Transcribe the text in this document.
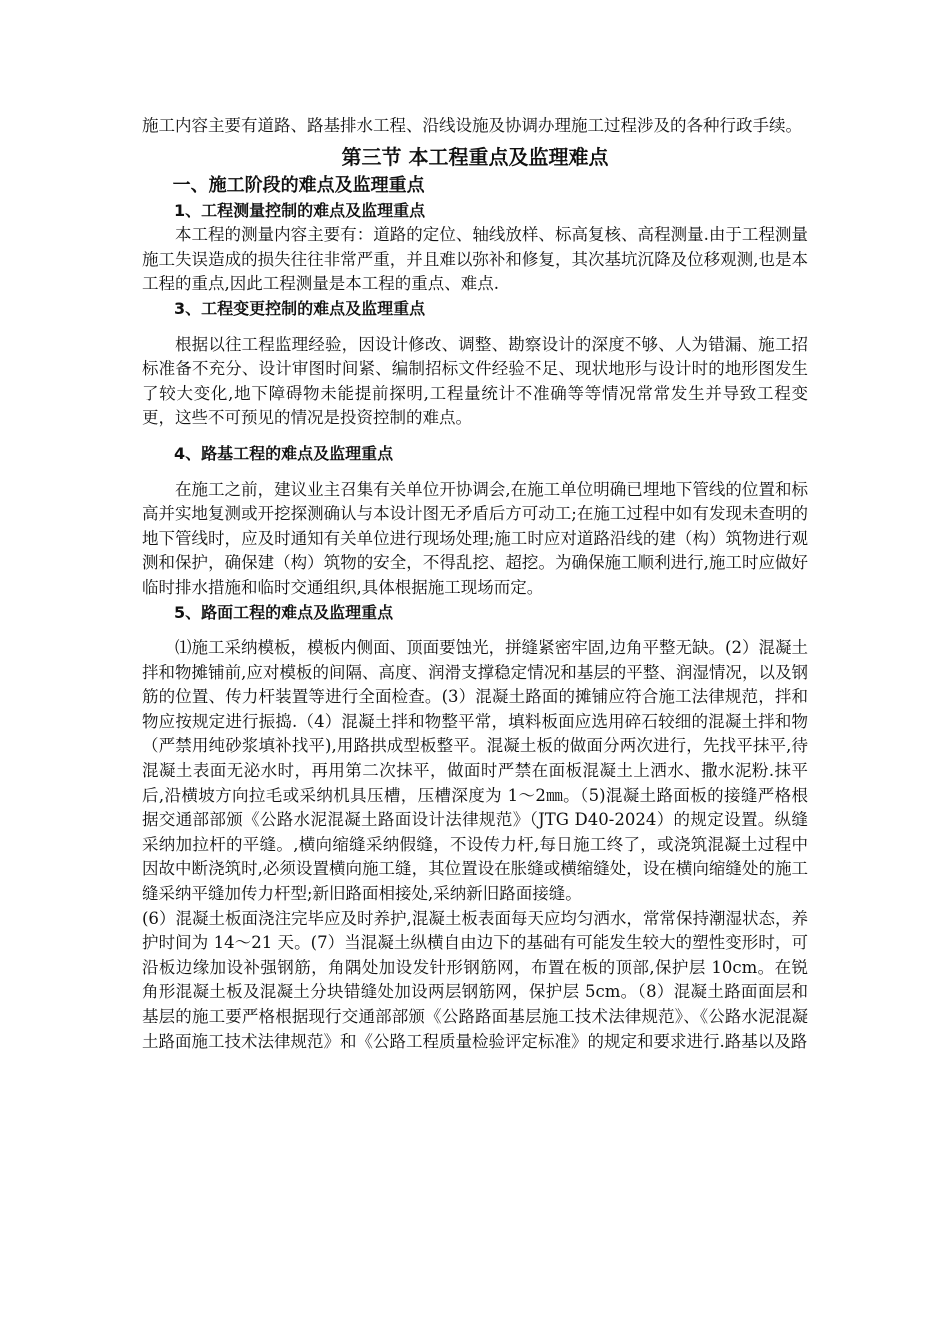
施工内容主要有道路、路基排水工程、沿线设施及协调办理施工过程涉及的各种行政手续。

第三节 本工程重点及监理难点
一、施工阶段的难点及监理重点
1、工程测量控制的难点及监理重点

本工程的测量内容主要有：道路的定位、轴线放样、标高复核、高程测量.由于工程测量施工失误造成的损失往往非常严重，并且难以弥补和修复，其次基坑沉降及位移观测,也是本工程的重点,因此工程测量是本工程的重点、难点.

3、工程变更控制的难点及监理重点

根据以往工程监理经验，因设计修改、调整、勘察设计的深度不够、人为错漏、施工招标准备不充分、设计审图时间紧、编制招标文件经验不足、现状地形与设计时的地形图发生了较大变化,地下障碍物未能提前探明,工程量统计不准确等等情况常常发生并导致工程变更，这些不可预见的情况是投资控制的难点。

4、路基工程的难点及监理重点

在施工之前，建议业主召集有关单位开协调会,在施工单位明确已埋地下管线的位置和标高并实地复测或开挖探测确认与本设计图无矛盾后方可动工;在施工过程中如有发现未查明的地下管线时，应及时通知有关单位进行现场处理;施工时应对道路沿线的建（构）筑物进行观测和保护，确保建（构）筑物的安全，不得乱挖、超挖。为确保施工顺利进行,施工时应做好临时排水措施和临时交通组织,具体根据施工现场而定。

5、路面工程的难点及监理重点

⑴施工采纳模板，模板内侧面、顶面要蚀光，拼缝紧密牢固,边角平整无缺。(2）混凝土拌和物摊铺前,应对模板的间隔、高度、润滑支撑稳定情况和基层的平整、润湿情况，以及钢筋的位置、传力杆装置等进行全面检查。(3）混凝土路面的摊铺应符合施工法律规范，拌和物应按规定进行振捣.（4）混凝土拌和物整平常，填料板面应选用碎石较细的混凝土拌和物（严禁用纯砂浆填补找平),用路拱成型板整平。混凝土板的做面分两次进行，先找平抹平,待混凝土表面无泌水时，再用第二次抹平，做面时严禁在面板混凝土上洒水、撒水泥粉.抹平后,沿横坡方向拉毛或采纳机具压槽，压槽深度为 1～2㎜。（5)混凝土路面板的接缝严格根据交通部部颁《公路水泥混凝土路面设计法律规范》（JTG D40-2024）的规定设置。纵缝采纳加拉杆的平缝。,横向缩缝采纳假缝，不设传力杆,每日施工终了，或浇筑混凝土过程中因故中断浇筑时,必须设置横向施工缝，其位置设在胀缝或横缩缝处，设在横向缩缝处的施工缝采纳平缝加传力杆型;新旧路面相接处,采纳新旧路面接缝。

(6）混凝土板面浇注完毕应及时养护,混凝土板表面每天应均匀洒水，常常保持潮湿状态，养护时间为 14～21 天。(7）当混凝土纵横自由边下的基础有可能发生较大的塑性变形时，可沿板边缘加设补强钢筋，角隅处加设发针形钢筋网，布置在板的顶部,保护层 10cm。在锐角形混凝土板及混凝土分块错缝处加设两层钢筋网，保护层 5cm。（8）混凝土路面面层和基层的施工要严格根据现行交通部部颁《公路路面基层施工技术法律规范》、《公路水泥混凝土路面施工技术法律规范》和《公路工程质量检验评定标准》的规定和要求进行.路基以及路
